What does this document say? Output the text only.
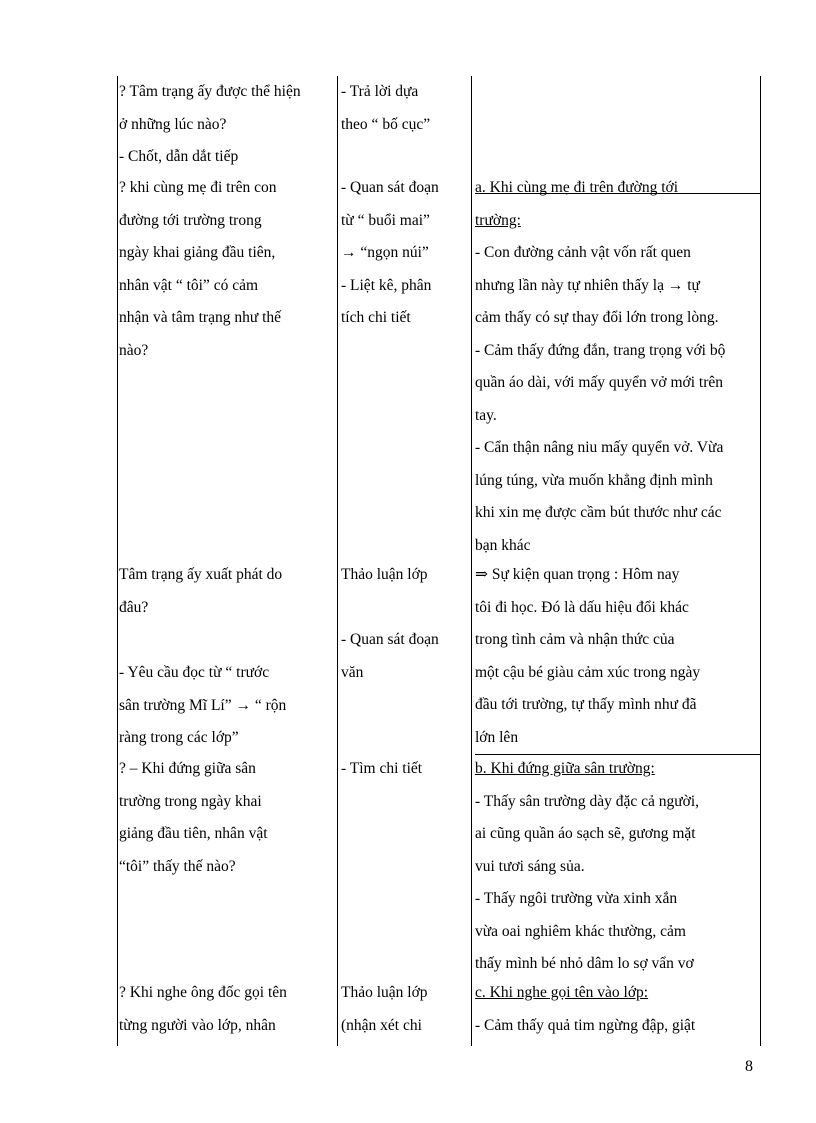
? Tâm trạng ấy được thể hiện

ở những lúc nào?

- Chốt, dẫn dắt tiếp

? khi cùng mẹ đi trên con

đường tới trường trong

ngày khai giảng đầu tiên,

nhân vật “ tôi” có cảm

nhận và tâm trạng như thế

nào?

Tâm trạng ấy xuất phát do

đâu?

- Yêu cầu đọc từ “ trước

sân trường Mĩ Lí” → “ rộn

ràng trong các lớp”

? – Khi đứng giữa sân

trường trong ngày khai

giảng đầu tiên, nhân vật

“tôi” thấy thế nào?

? Khi nghe ông đốc gọi tên

từng người vào lớp, nhân

- Trả lời dựa

theo “ bố cục”

- Quan sát đoạn

từ “ buổi mai”

→ “ngọn núi”

- Liệt kê, phân

tích chi tiết

Thảo luận lớp

- Quan sát đoạn

văn

- Tìm chi tiết

Thảo luận lớp

(nhận xét chi

a. Khi cùng mẹ đi trên đường tới

trường:

- Con đường cảnh vật vốn rất quen

nhưng lần này tự nhiên thấy lạ → tự

cảm thấy có sự thay đổi lớn trong lòng.

- Cảm thấy đứng đắn, trang trọng với bộ

quần áo dài, với mấy quyển vở mới trên

tay.

- Cẩn thận nâng niu mấy quyển vở. Vừa

lúng túng, vừa muốn khẳng định mình

khi xin mẹ được cầm bút thước như các

bạn khác

⇒ Sự kiện quan trọng : Hôm nay

tôi đi học. Đó là dấu hiệu đổi khác

trong tình cảm và nhận thức của

một cậu bé giàu cảm xúc trong ngày

đầu tới trường, tự thấy mình như đã

lớn lên

b. Khi đứng giữa sân trường:

- Thấy sân trường dày đặc cả người,

ai cũng quần áo sạch sẽ, gương mặt

vui tươi sáng sủa.

- Thấy ngôi trường vừa xinh xắn

vừa oai nghiêm khác thường, cảm

thấy mình bé nhỏ dâm lo sợ vẩn vơ

c. Khi nghe gọi tên vào lớp:

- Cảm thấy quả tim ngừng đập, giật

8
